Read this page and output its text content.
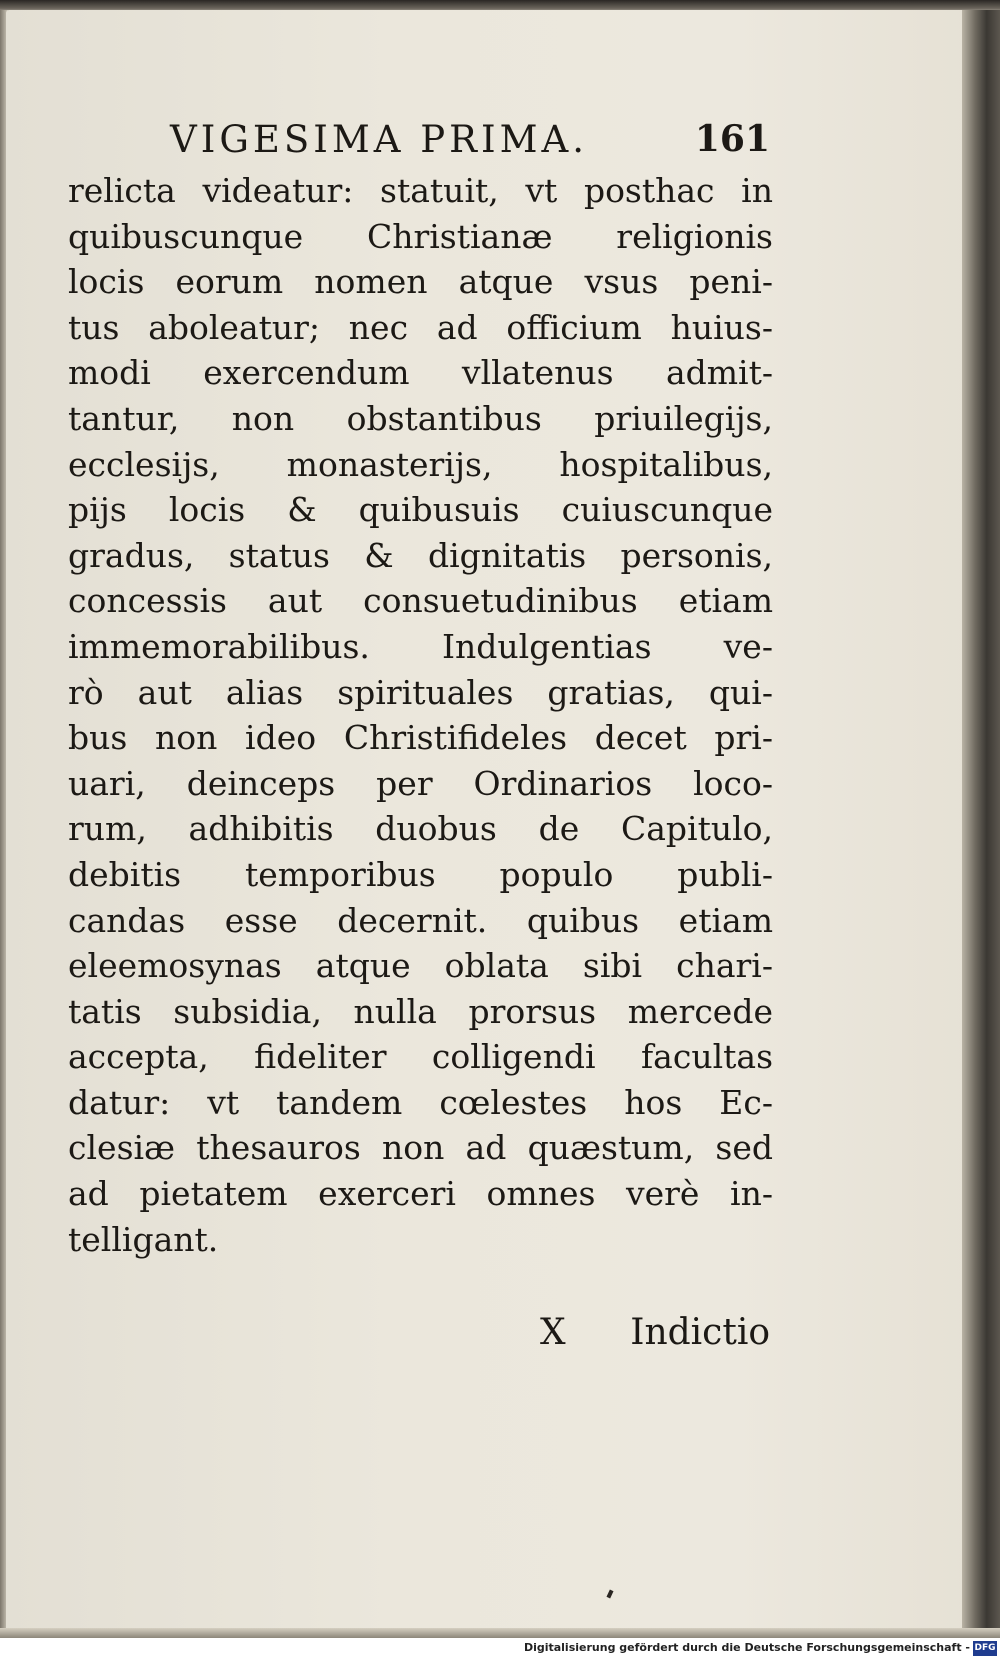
VIGESIMA PRIMA.	161
relicta videatur: statuit, vt posthac in
quibuscunque Christianæ religionis
locis eorum nomen atque vsus peni-
tus aboleatur; nec ad officium huius-
modi exercendum vllatenus admit-
tantur, non obstantibus priuilegijs,
ecclesijs, monasterijs, hospitalibus,
pijs locis & quibusuis cuiuscunque
gradus, status & dignitatis personis,
concessis aut consuetudinibus etiam
immemorabilibus. Indulgentias ve-
rò aut alias spirituales gratias, qui-
bus non ideo Christifideles decet pri-
uari, deinceps per Ordinarios loco-
rum, adhibitis duobus de Capitulo,
debitis temporibus populo publi-
candas esse decernit. quibus etiam
eleemosynas atque oblata sibi chari-
tatis subsidia, nulla prorsus mercede
accepta, fideliter colligendi facultas
datur: vt tandem cœlestes hos Ec-
clesiæ thesauros non ad quæstum, sed
ad pietatem exerceri omnes verè in-
telligant.
X Indictio
Digitalisierung gefördert durch die Deutsche Forschungsgemeinschaft - DFG
